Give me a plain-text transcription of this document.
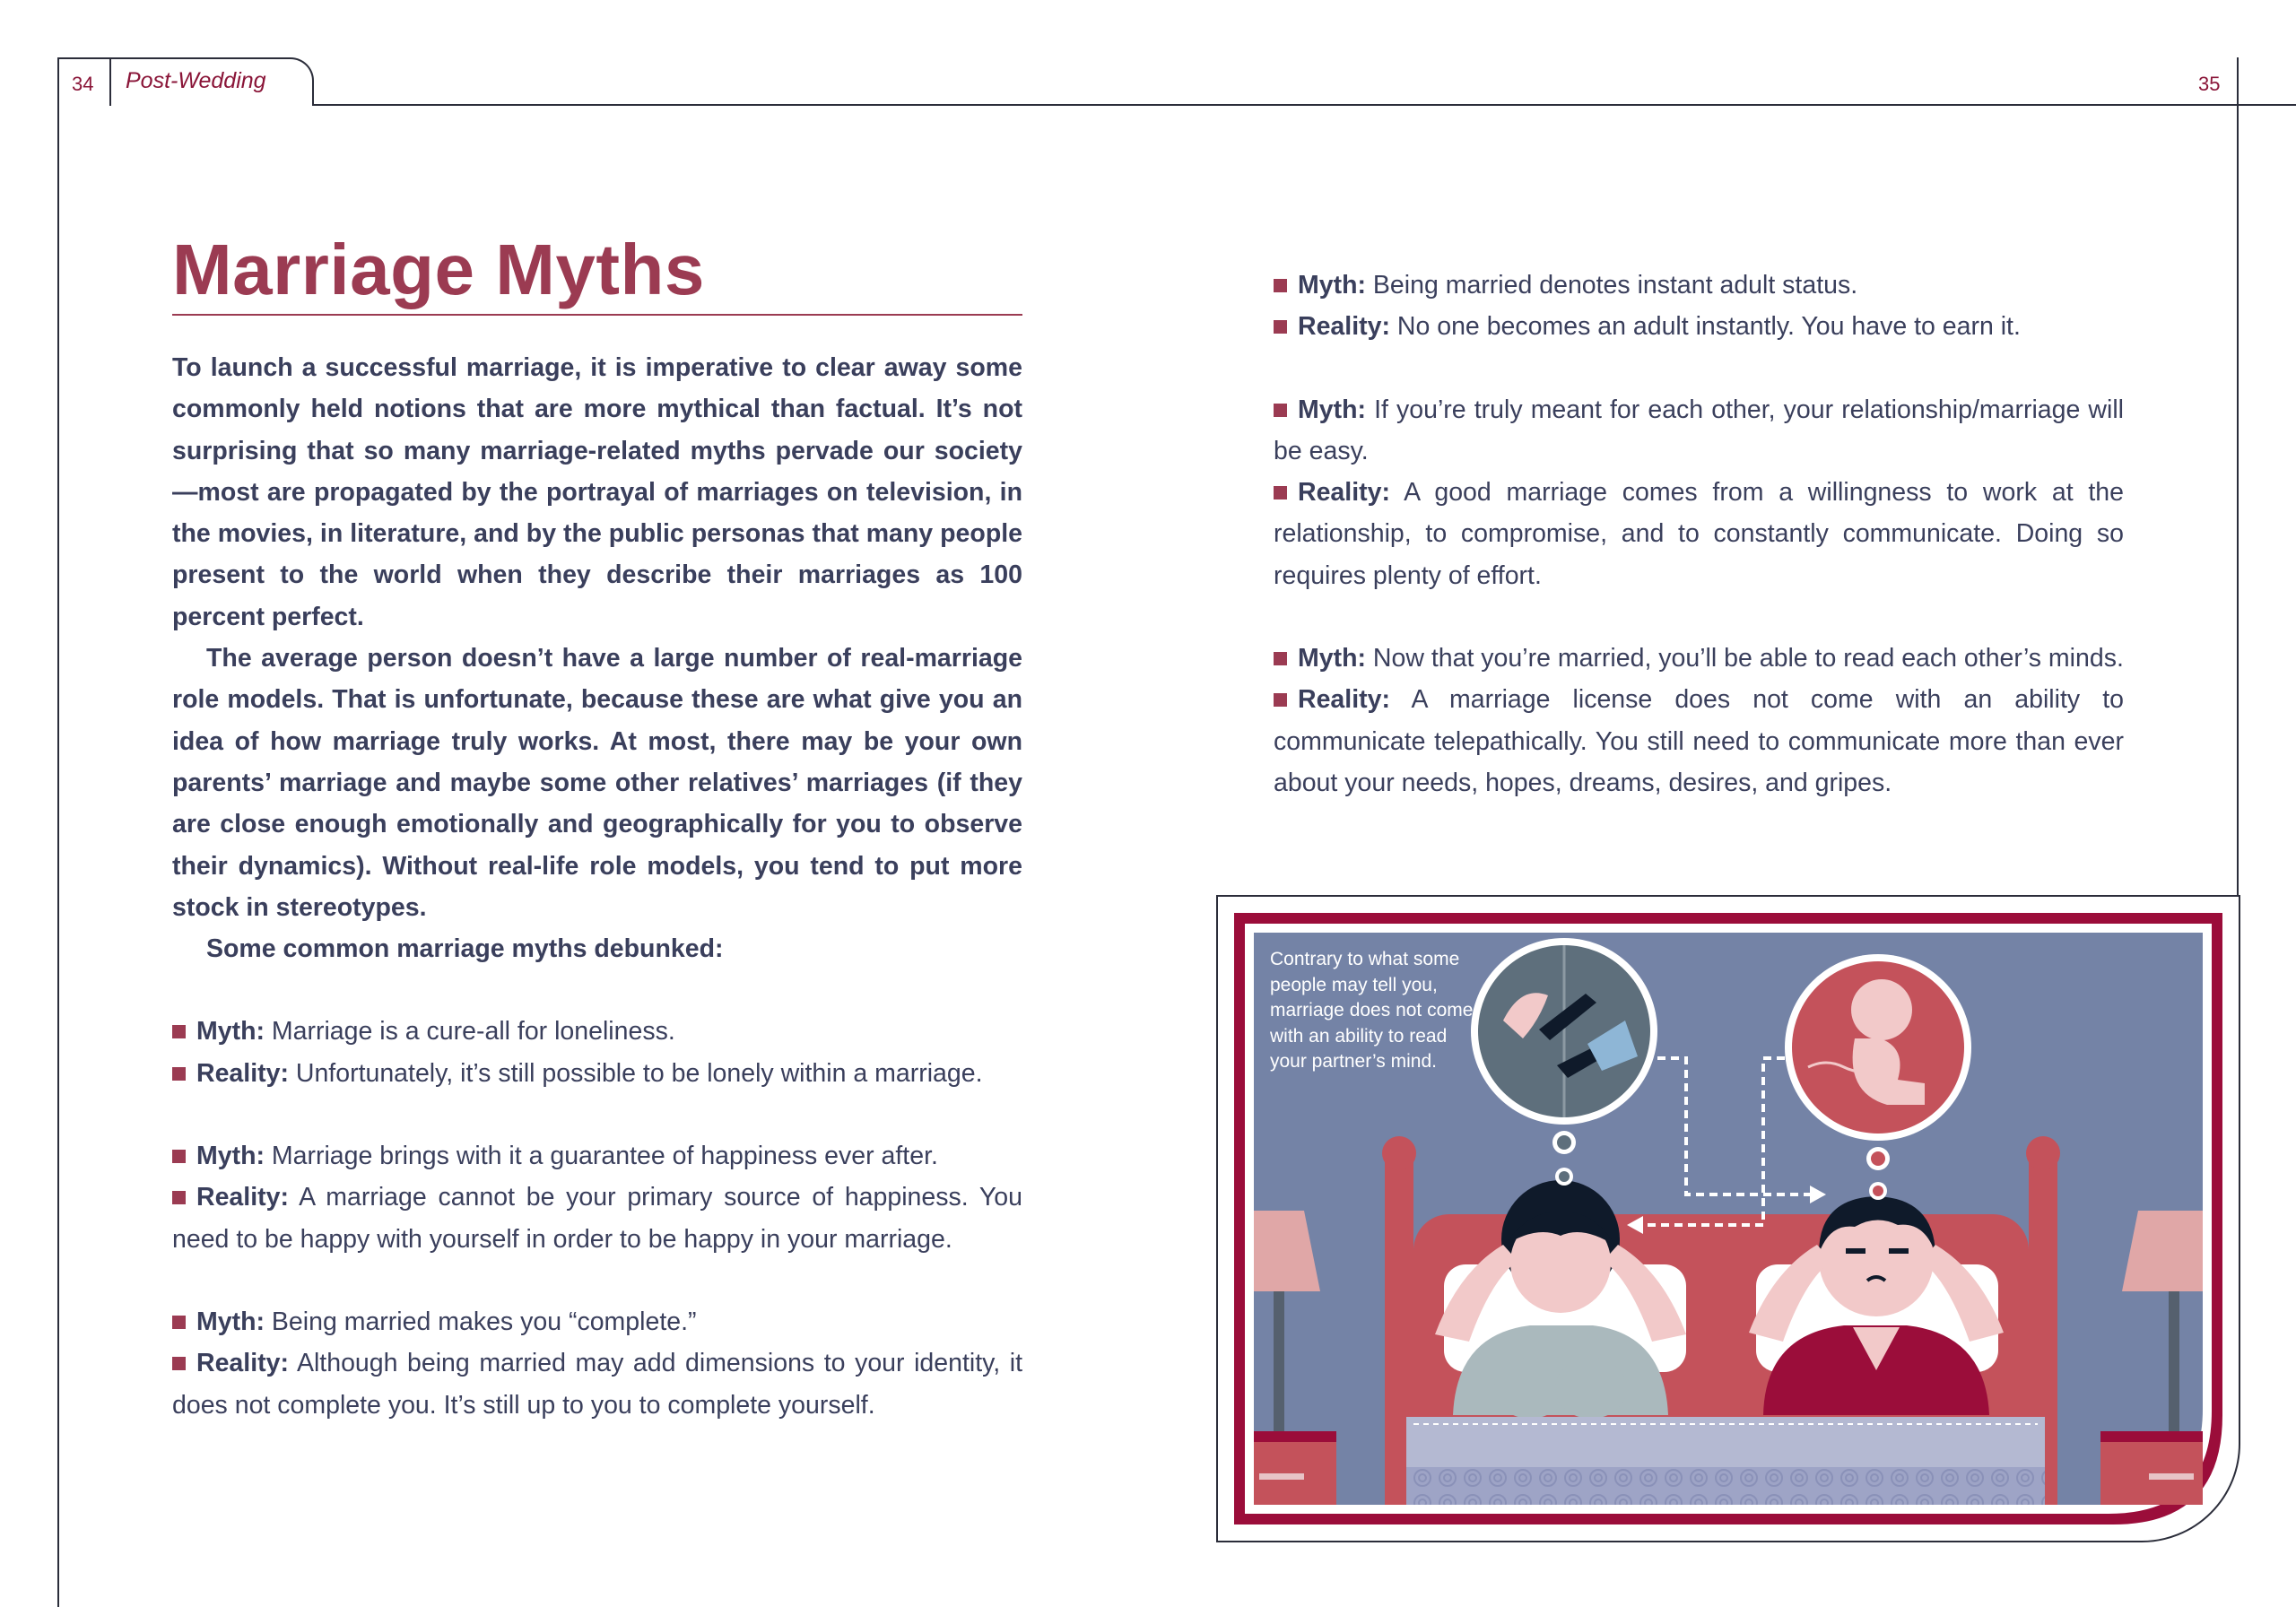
34 Post-Wedding	35
Marriage Myths

To launch a successful marriage, it is imperative to clear away some commonly held notions that are more mythical than factual. It’s not surprising that so many marriage-related myths pervade our society—most are propagated by the portrayal of marriages on television, in the movies, in literature, and by the public personas that many people present to the world when they describe their marriages as 100 percent perfect.

The average person doesn’t have a large number of real-marriage role models. That is unfortunate, because these are what give you an idea of how marriage truly works. At most, there may be your own parents’ marriage and maybe some other relatives’ marriages (if they are close enough emotionally and geographically for you to observe their dynamics). Without real-life role models, you tend to put more stock in stereotypes.

Some common marriage myths debunked:

Myth: Marriage is a cure-all for loneliness.

Reality: Unfortunately, it’s still possible to be lonely within a marriage.

Myth: Marriage brings with it a guarantee of happiness ever after.

Reality: A marriage cannot be your primary source of happiness. You need to be happy with yourself in order to be happy in your marriage.

Myth: Being married makes you “complete.”

Reality: Although being married may add dimensions to your identity, it does not complete you. It’s still up to you to complete yourself.

Myth: Being married denotes instant adult status.

Reality: No one becomes an adult instantly. You have to earn it.

Myth: If you’re truly meant for each other, your relationship/marriage will be easy.

Reality: A good marriage comes from a willingness to work at the relationship, to compromise, and to constantly communicate. Doing so requires plenty of effort.

Myth: Now that you’re married, you’ll be able to read each other’s minds.

Reality: A marriage license does not come with an ability to communicate telepathically. You still need to communicate more than ever about your needs, hopes, dreams, desires, and gripes.

Contrary to what some people may tell you, marriage does not come with an ability to read your partner’s mind.
